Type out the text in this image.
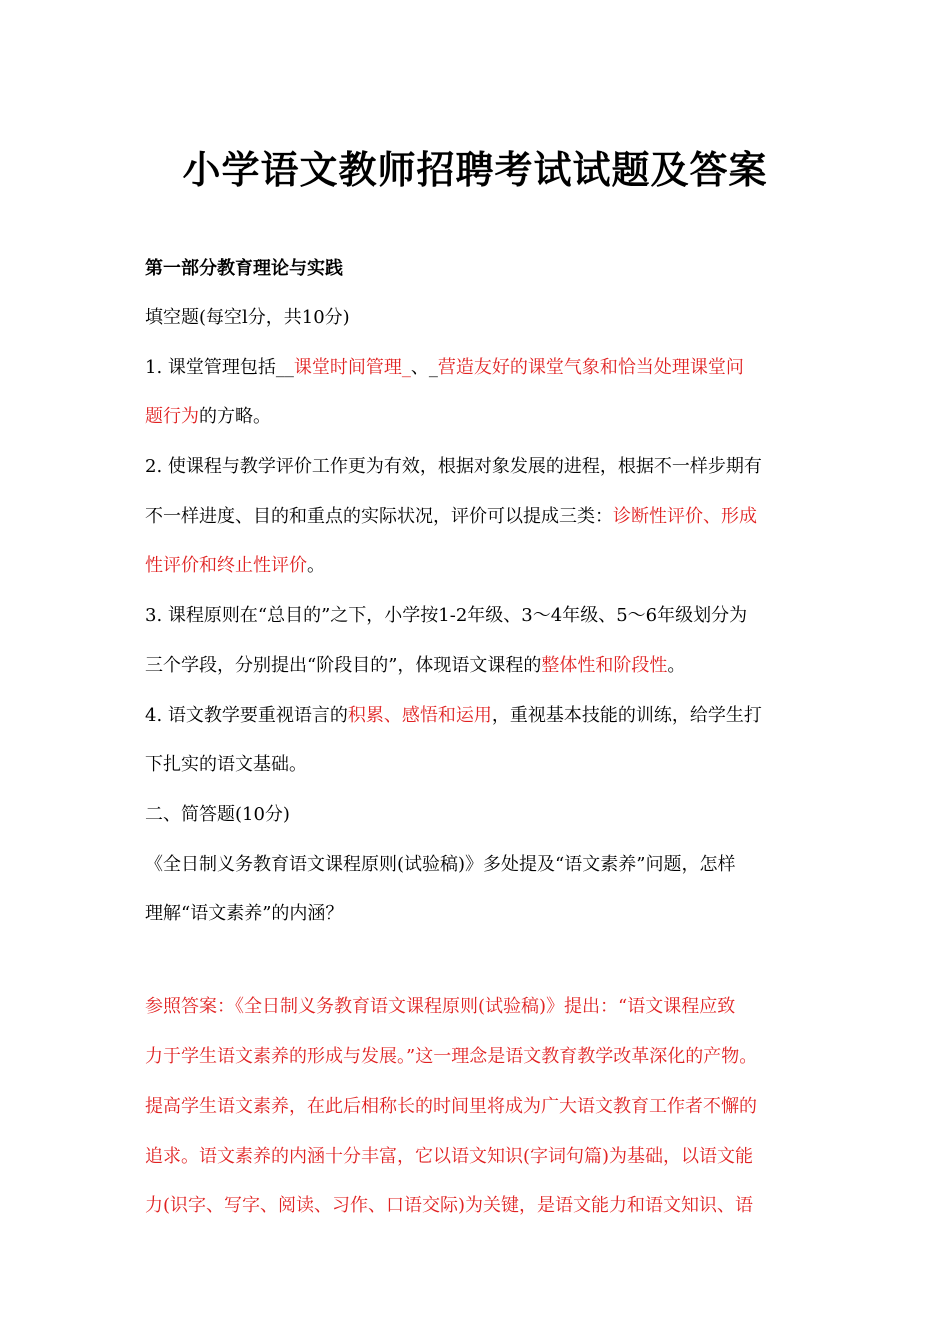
小学语文教师招聘考试试题及答案
第一部分教育理论与实践
填空题(每空l分，共10分)
1. 课堂管理包括__课堂时间管理_、_营造友好的课堂气象和恰当处理课堂问
题行为的方略。
2. 使课程与教学评价工作更为有效，根据对象发展的进程，根据不一样步期有
不一样进度、目的和重点的实际状况，评价可以提成三类：诊断性评价、形成
性评价和终止性评价。
3. 课程原则在“总目的”之下，小学按1-2年级、3～4年级、5～6年级划分为
三个学段，分别提出“阶段目的”，体现语文课程的整体性和阶段性。
4. 语文教学要重视语言的积累、感悟和运用，重视基本技能的训练，给学生打
下扎实的语文基础。
二、简答题(10分)
《全日制义务教育语文课程原则(试验稿)》多处提及“语文素养”问题，怎样
理解“语文素养”的内涵？
参照答案：《全日制义务教育语文课程原则(试验稿)》提出：“语文课程应致
力于学生语文素养的形成与发展。”这一理念是语文教育教学改革深化的产物。
提高学生语文素养，在此后相称长的时间里将成为广大语文教育工作者不懈的
追求。语文素养的内涵十分丰富，它以语文知识(字词句篇)为基础，以语文能
力(识字、写字、阅读、习作、口语交际)为关键，是语文能力和语文知识、语
